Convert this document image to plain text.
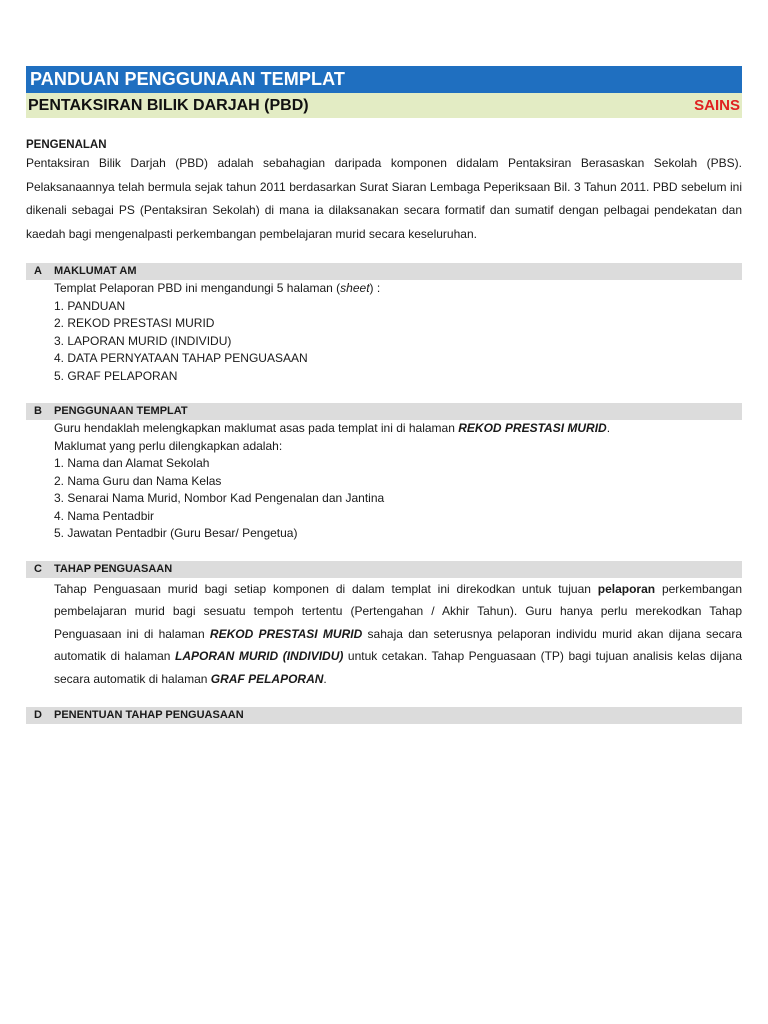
PANDUAN PENGGUNAAN TEMPLAT
PENTAKSIRAN BILIK DARJAH (PBD)	SAINS
PENGENALAN

Pentaksiran Bilik Darjah (PBD) adalah sebahagian daripada komponen didalam Pentaksiran Berasaskan Sekolah (PBS). Pelaksanaannya telah bermula sejak tahun 2011 berdasarkan Surat Siaran Lembaga Peperiksaan Bil. 3 Tahun 2011. PBD sebelum ini dikenali sebagai PS (Pentaksiran Sekolah) di mana ia dilaksanakan secara formatif dan sumatif dengan pelbagai pendekatan dan kaedah bagi mengenalpasti perkembangan pembelajaran murid secara keseluruhan.

A	MAKLUMAT AM
Templat Pelaporan PBD ini mengandungi 5 halaman (sheet) :
1. PANDUAN
2. REKOD PRESTASI MURID
3. LAPORAN MURID (INDIVIDU)
4. DATA PERNYATAAN TAHAP PENGUASAAN
5. GRAF PELAPORAN
B	PENGGUNAAN TEMPLAT
Guru hendaklah melengkapkan maklumat asas pada templat ini di halaman REKOD PRESTASI MURID.
Maklumat yang perlu dilengkapkan adalah:
1. Nama dan Alamat Sekolah
2. Nama Guru dan Nama Kelas
3. Senarai Nama Murid, Nombor Kad Pengenalan dan Jantina
4. Nama Pentadbir
5. Jawatan Pentadbir (Guru Besar/ Pengetua)
C	TAHAP PENGUASAAN

Tahap Penguasaan murid bagi setiap komponen di dalam templat ini direkodkan untuk tujuan pelaporan perkembangan pembelajaran murid bagi sesuatu tempoh tertentu (Pertengahan / Akhir Tahun). Guru hanya perlu merekodkan Tahap Penguasaan ini di halaman REKOD PRESTASI MURID sahaja dan seterusnya pelaporan individu murid akan dijana secara automatik di halaman LAPORAN MURID (INDIVIDU) untuk cetakan. Tahap Penguasaan (TP) bagi tujuan analisis kelas dijana secara automatik di halaman GRAF PELAPORAN.

D	PENENTUAN TAHAP PENGUASAAN
